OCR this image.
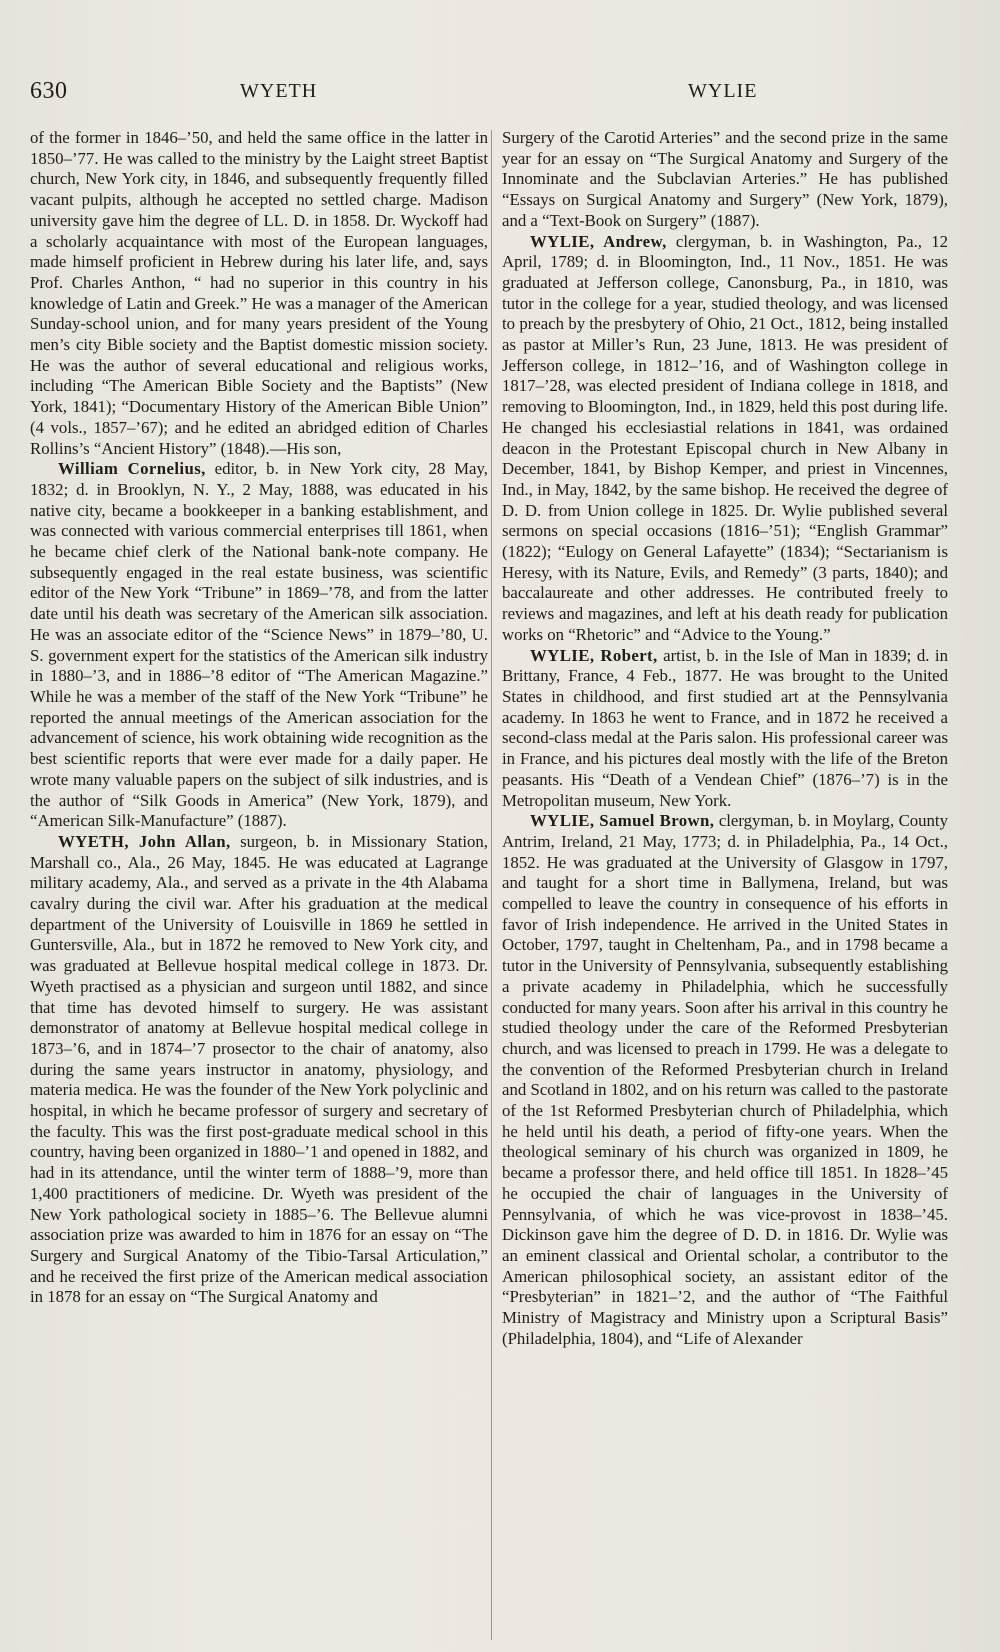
630	WYETH	WYLIE

of the former in 1846–’50, and held the same office in the latter in 1850–’77. He was called to the ministry by the Laight street Baptist church, New York city, in 1846, and subsequently frequently filled vacant pulpits, although he accepted no settled charge. Madison university gave him the degree of LL. D. in 1858. Dr. Wyckoff had a scholarly acquaintance with most of the European languages, made himself proficient in Hebrew during his later life, and, says Prof. Charles Anthon, “ had no superior in this country in his knowledge of Latin and Greek.” He was a manager of the American Sunday-school union, and for many years president of the Young men’s city Bible society and the Baptist domestic mission society. He was the author of several educational and religious works, including “The American Bible Society and the Baptists” (New York, 1841); “Documentary History of the American Bible Union” (4 vols., 1857–’67); and he edited an abridged edition of Charles Rollins’s “Ancient History” (1848).—His son,

William Cornelius, editor, b. in New York city, 28 May, 1832; d. in Brooklyn, N. Y., 2 May, 1888, was educated in his native city, became a bookkeeper in a banking establishment, and was connected with various commercial enterprises till 1861, when he became chief clerk of the National bank-note company. He subsequently engaged in the real estate business, was scientific editor of the New York “Tribune” in 1869–’78, and from the latter date until his death was secretary of the American silk association. He was an associate editor of the “Science News” in 1879–’80, U. S. government expert for the statistics of the American silk industry in 1880–’3, and in 1886–’8 editor of “The American Magazine.” While he was a member of the staff of the New York “Tribune” he reported the annual meetings of the American association for the advancement of science, his work obtaining wide recognition as the best scientific reports that were ever made for a daily paper. He wrote many valuable papers on the subject of silk industries, and is the author of “Silk Goods in America” (New York, 1879), and “American Silk-Manufacture” (1887).

WYETH, John Allan, surgeon, b. in Missionary Station, Marshall co., Ala., 26 May, 1845. He was educated at Lagrange military academy, Ala., and served as a private in the 4th Alabama cavalry during the civil war. After his graduation at the medical department of the University of Louisville in 1869 he settled in Guntersville, Ala., but in 1872 he removed to New York city, and was graduated at Bellevue hospital medical college in 1873. Dr. Wyeth practised as a physician and surgeon until 1882, and since that time has devoted himself to surgery. He was assistant demonstrator of anatomy at Bellevue hospital medical college in 1873–’6, and in 1874–’7 prosector to the chair of anatomy, also during the same years instructor in anatomy, physiology, and materia medica. He was the founder of the New York polyclinic and hospital, in which he became professor of surgery and secretary of the faculty. This was the first post-graduate medical school in this country, having been organized in 1880–’1 and opened in 1882, and had in its attendance, until the winter term of 1888–’9, more than 1,400 practitioners of medicine. Dr. Wyeth was president of the New York pathological society in 1885–’6. The Bellevue alumni association prize was awarded to him in 1876 for an essay on “The Surgery and Surgical Anatomy of the Tibio-Tarsal Articulation,” and he received the first prize of the American medical association in 1878 for an essay on “The Surgical Anatomy and

Surgery of the Carotid Arteries” and the second prize in the same year for an essay on “The Surgical Anatomy and Surgery of the Innominate and the Subclavian Arteries.” He has published “Essays on Surgical Anatomy and Surgery” (New York, 1879), and a “Text-Book on Surgery” (1887).

WYLIE, Andrew, clergyman, b. in Washington, Pa., 12 April, 1789; d. in Bloomington, Ind., 11 Nov., 1851. He was graduated at Jefferson college, Canonsburg, Pa., in 1810, was tutor in the college for a year, studied theology, and was licensed to preach by the presbytery of Ohio, 21 Oct., 1812, being installed as pastor at Miller’s Run, 23 June, 1813. He was president of Jefferson college, in 1812–’16, and of Washington college in 1817–’28, was elected president of Indiana college in 1818, and removing to Bloomington, Ind., in 1829, held this post during life. He changed his ecclesiastial relations in 1841, was ordained deacon in the Protestant Episcopal church in New Albany in December, 1841, by Bishop Kemper, and priest in Vincennes, Ind., in May, 1842, by the same bishop. He received the degree of D. D. from Union college in 1825. Dr. Wylie published several sermons on special occasions (1816–’51); “English Grammar” (1822); “Eulogy on General Lafayette” (1834); “Sectarianism is Heresy, with its Nature, Evils, and Remedy” (3 parts, 1840); and baccalaureate and other addresses. He contributed freely to reviews and magazines, and left at his death ready for publication works on “Rhetoric” and “Advice to the Young.”

WYLIE, Robert, artist, b. in the Isle of Man in 1839; d. in Brittany, France, 4 Feb., 1877. He was brought to the United States in childhood, and first studied art at the Pennsylvania academy. In 1863 he went to France, and in 1872 he received a second-class medal at the Paris salon. His professional career was in France, and his pictures deal mostly with the life of the Breton peasants. His “Death of a Vendean Chief” (1876–’7) is in the Metropolitan museum, New York.

WYLIE, Samuel Brown, clergyman, b. in Moylarg, County Antrim, Ireland, 21 May, 1773; d. in Philadelphia, Pa., 14 Oct., 1852. He was graduated at the University of Glasgow in 1797, and taught for a short time in Ballymena, Ireland, but was compelled to leave the country in consequence of his efforts in favor of Irish independence. He arrived in the United States in October, 1797, taught in Cheltenham, Pa., and in 1798 became a tutor in the University of Pennsylvania, subsequently establishing a private academy in Philadelphia, which he successfully conducted for many years. Soon after his arrival in this country he studied theology under the care of the Reformed Presbyterian church, and was licensed to preach in 1799. He was a delegate to the convention of the Reformed Presbyterian church in Ireland and Scotland in 1802, and on his return was called to the pastorate of the 1st Reformed Presbyterian church of Philadelphia, which he held until his death, a period of fifty-one years. When the theological seminary of his church was organized in 1809, he became a professor there, and held office till 1851. In 1828–’45 he occupied the chair of languages in the University of Pennsylvania, of which he was vice-provost in 1838–’45. Dickinson gave him the degree of D. D. in 1816. Dr. Wylie was an eminent classical and Oriental scholar, a contributor to the American philosophical society, an assistant editor of the “Presbyterian” in 1821–’2, and the author of “The Faithful Ministry of Magistracy and Ministry upon a Scriptural Basis” (Philadelphia, 1804), and “Life of Alexander
